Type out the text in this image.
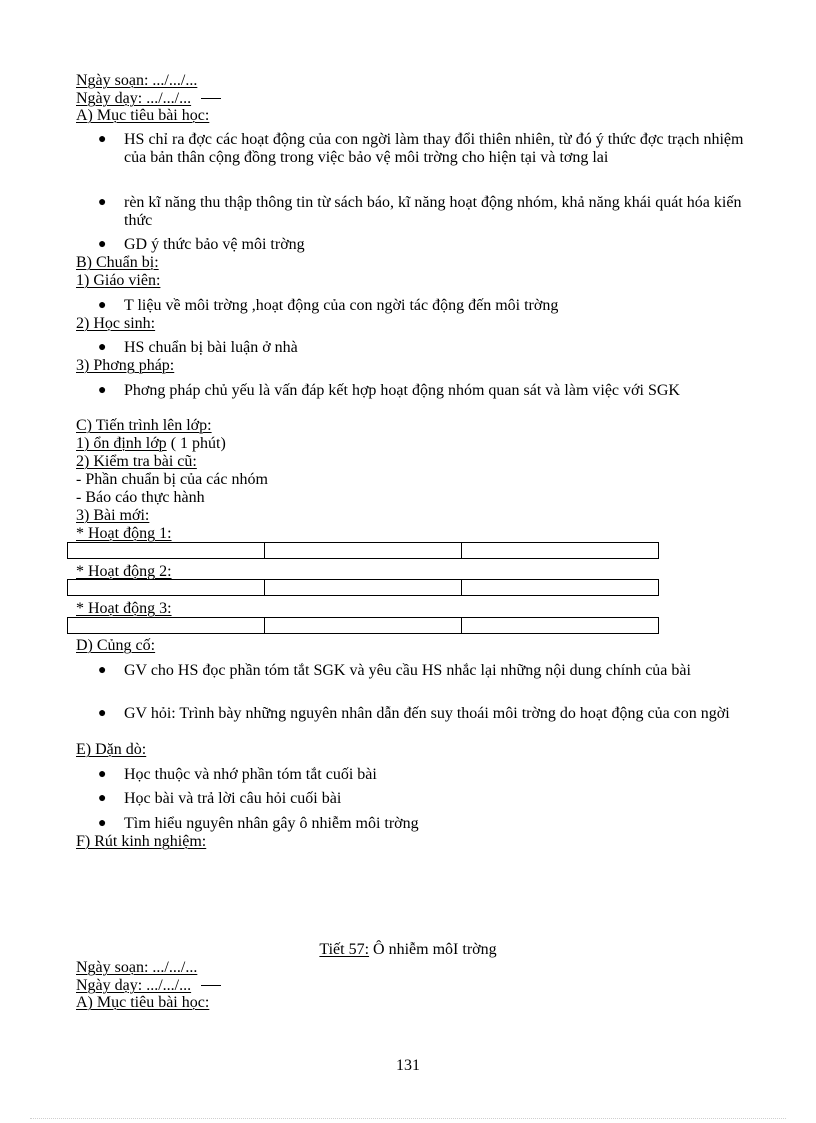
Ngày soạn: .../.../...
Ngày dạy: .../.../...
A) Mục tiêu bài học:
● HS chỉ ra đợc các hoạt động của con ngời làm thay đổi thiên nhiên, từ đó ý thức đợc trạch nhiệm của bản thân cộng đồng trong việc bảo vệ môi trờng cho hiện tại và tơng lai
● rèn kĩ năng thu thập thông tin từ sách báo, kĩ năng hoạt động nhóm, khả năng khái quát hóa kiến thức
● GD ý thức bảo vệ môi trờng
B) Chuẩn bị:
1) Giáo viên:
● T liệu về môi trờng ,hoạt động của con ngời tác động đến môi trờng
2) Học sinh:
● HS chuẩn bị bài luận ở nhà
3) Phơng pháp:
● Phơng pháp chủ yếu là vấn đáp kết hợp hoạt động nhóm quan sát và làm việc với SGK
C) Tiến trình lên lớp:
1) ổn định lớp ( 1 phút)
2) Kiểm tra bài cũ:
- Phần chuẩn bị của các nhóm
- Báo cáo thực hành
3) Bài mới:
* Hoạt động 1:
* Hoạt động 2:
* Hoạt động 3:
D) Củng cố:
● GV cho HS đọc phần tóm tắt SGK và yêu cầu HS nhắc lại những nội dung chính của bài
● GV hỏi: Trình bày những nguyên nhân dẫn đến suy thoái môi trờng do hoạt động của con ngời
E) Dặn dò:
● Học thuộc và nhớ phần tóm tắt cuối bài
● Học bài và trả lời câu hỏi cuối bài
● Tìm hiểu nguyên nhân gây ô nhiễm môi trờng
F) Rút kinh nghiệm:
Tiết 57: Ô nhiễm môI trờng
Ngày soạn: .../.../...
Ngày dạy: .../.../...
A) Mục tiêu bài học:
131
